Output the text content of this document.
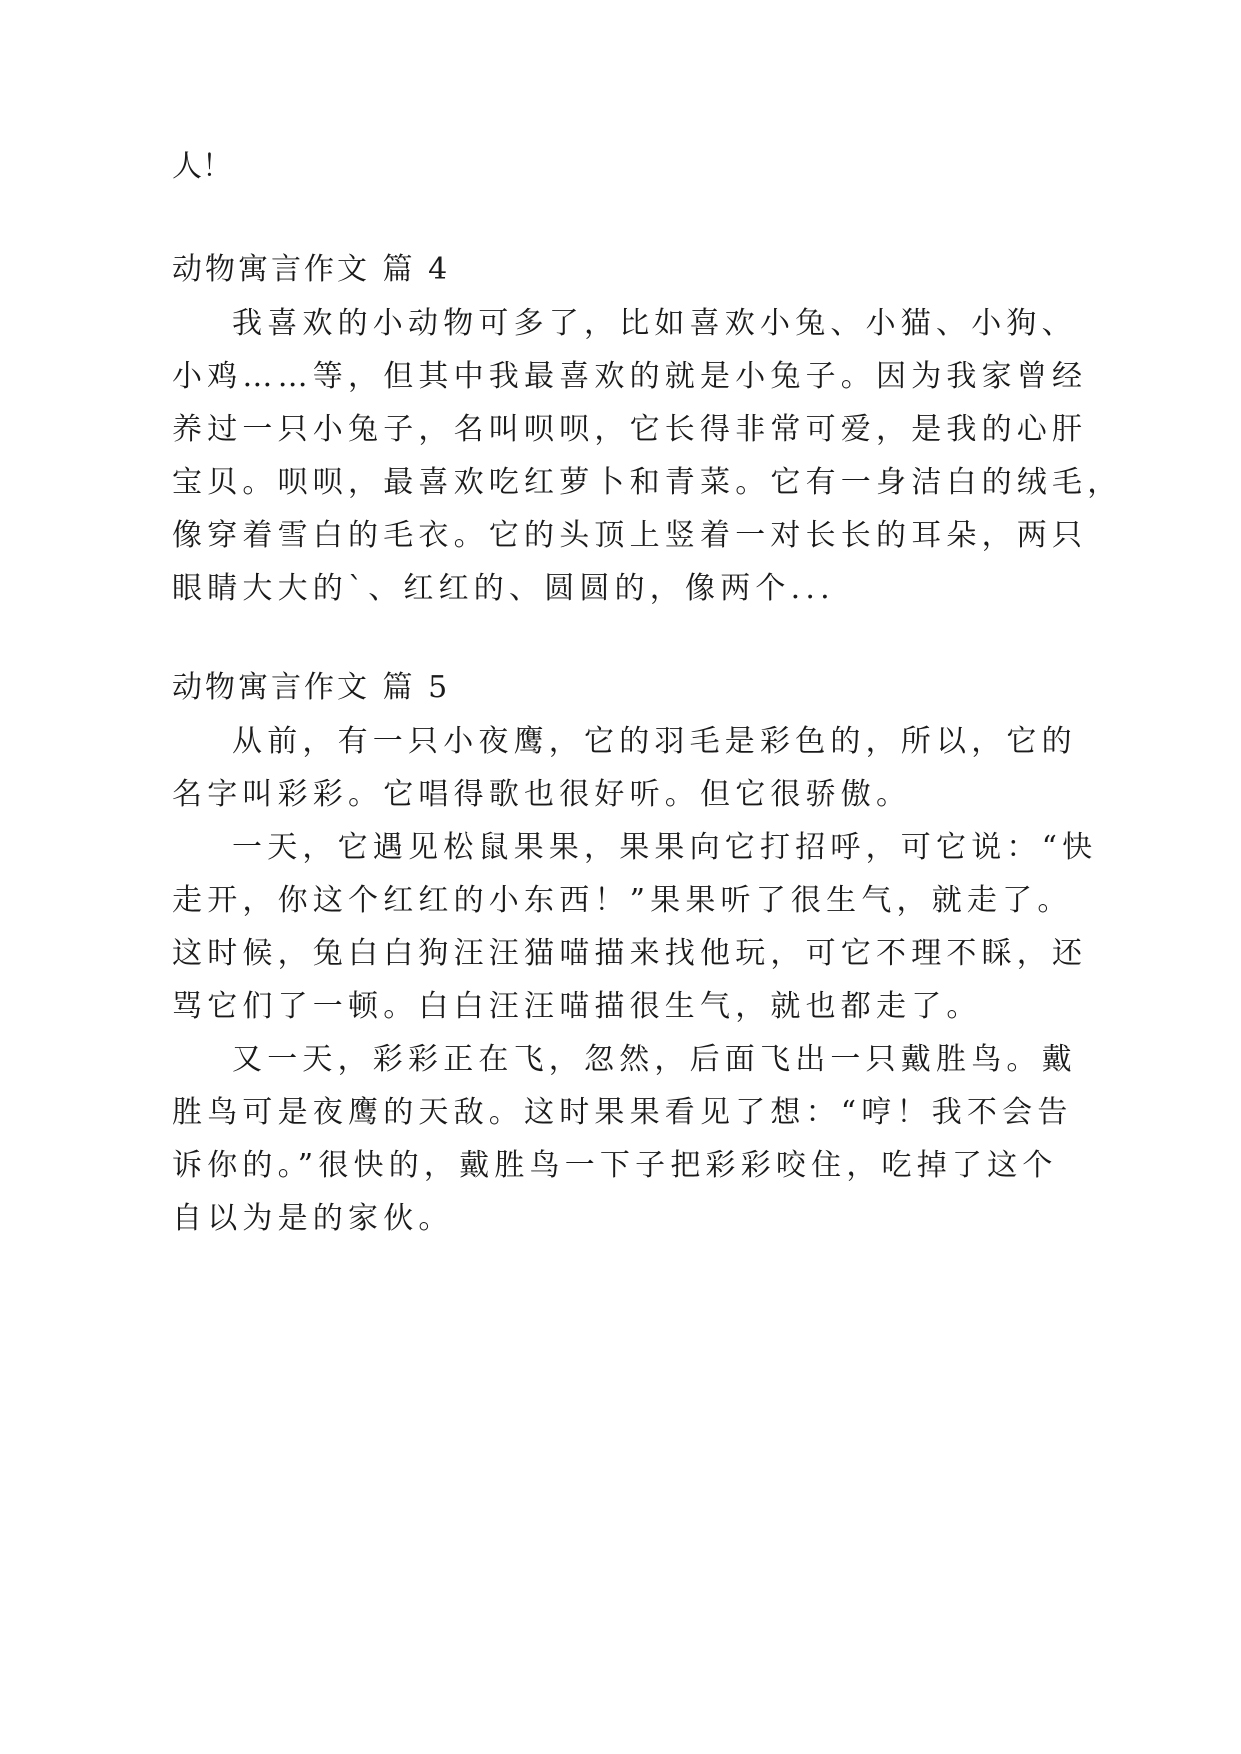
人！
动物寓言作文 篇 4
我喜欢的小动物可多了，比如喜欢小兔、小猫、小狗、
小鸡……等，但其中我最喜欢的就是小兔子。因为我家曾经
养过一只小兔子，名叫呗呗，它长得非常可爱，是我的心肝
宝贝。呗呗，最喜欢吃红萝卜和青菜。它有一身洁白的绒毛，
像穿着雪白的毛衣。它的头顶上竖着一对长长的耳朵，两只
眼睛大大的`、红红的、圆圆的，像两个...
动物寓言作文 篇 5
从前，有一只小夜鹰，它的羽毛是彩色的，所以，它的
名字叫彩彩。它唱得歌也很好听。但它很骄傲。
一天，它遇见松鼠果果，果果向它打招呼，可它说：“快
走开，你这个红红的小东西！”果果听了很生气，就走了。
这时候，兔白白狗汪汪猫喵描来找他玩，可它不理不睬，还
骂它们了一顿。白白汪汪喵描很生气，就也都走了。
又一天，彩彩正在飞，忽然，后面飞出一只戴胜鸟。戴
胜鸟可是夜鹰的天敌。这时果果看见了想：“哼！我不会告
诉你的。”很快的，戴胜鸟一下子把彩彩咬住，吃掉了这个
自以为是的家伙。
